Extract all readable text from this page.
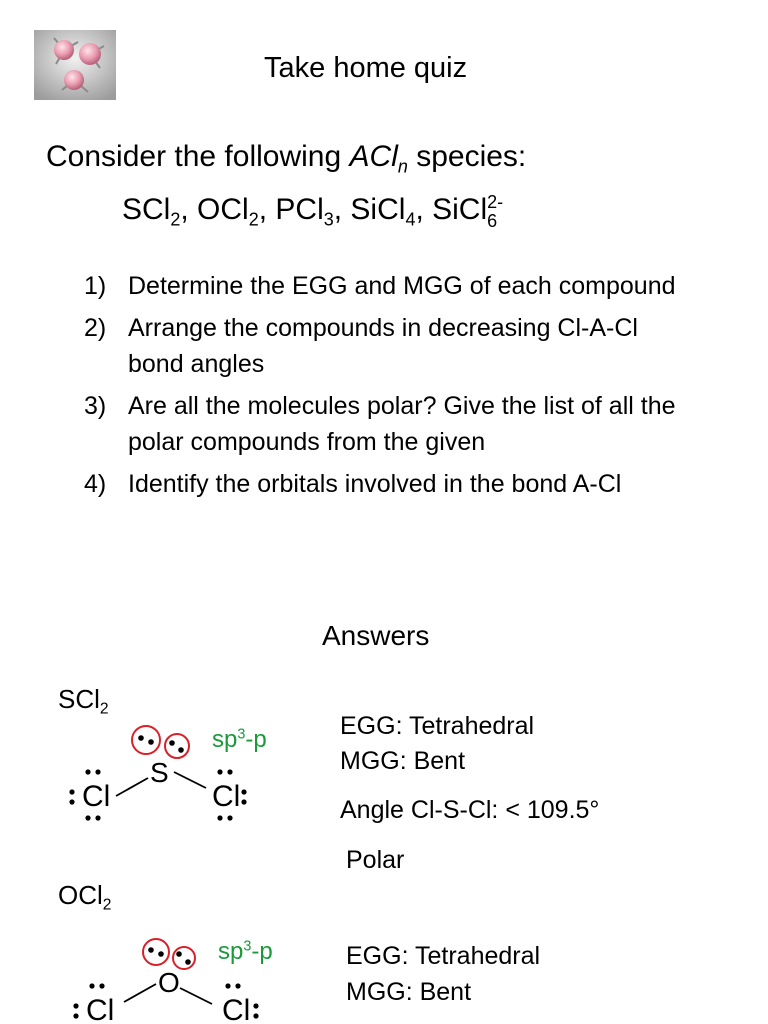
Take home quiz
Consider the following ACl$_n$ species:
SCl$_2$, OCl$_2$, PCl$_3$, SiCl$_4$, SiCl 2-
6
1) Determine the EGG and MGG of each compound
2) Arrange the compounds in decreasing Cl-A-Cl bond angles
3) Are all the molecules polar? Give the list of all the polar compounds from the given
4) Identify the orbitals involved in the bond A-Cl
Answers
SCl$_2$
S
Cl	Cl
$sp^3-p$	EGG: Tetrahedral
MGG: Bent
Angle Cl-S-Cl: < 109.5°
Polar
OCl$_2$
O
Cl	Cl
$sp^3-p$	EGG: Tetrahedral
MGG: Bent
